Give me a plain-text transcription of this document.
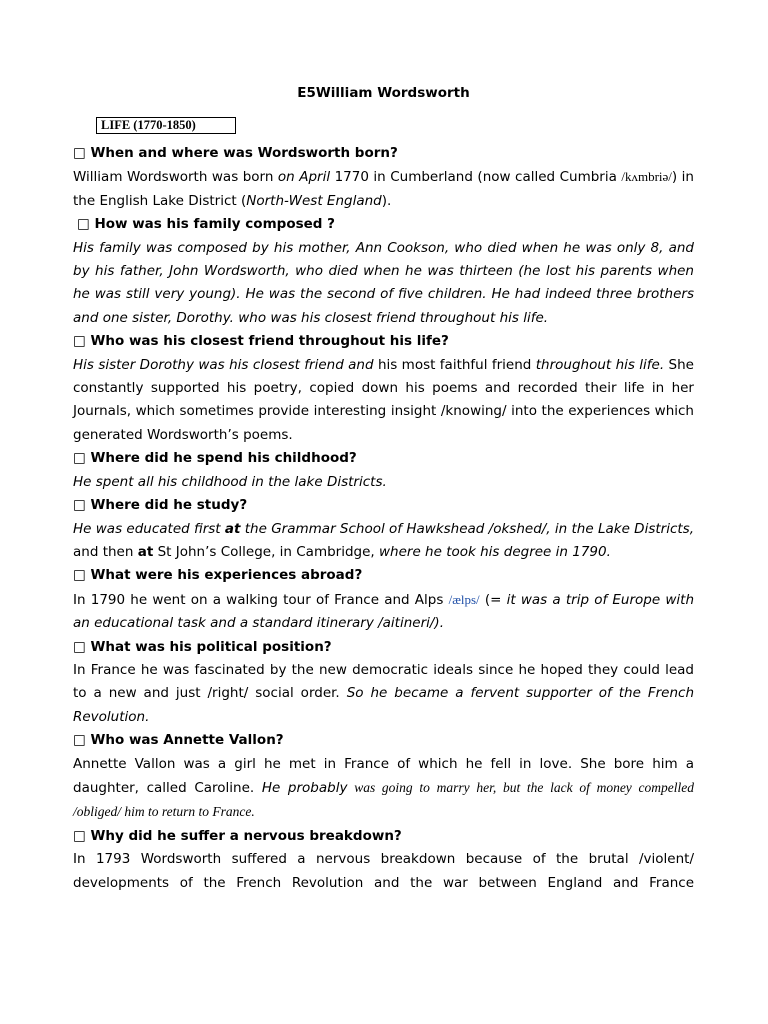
E5William Wordsworth

LIFE (1770-1850)

□ When and where was Wordsworth born?

William Wordsworth was born on April 1770 in Cumberland (now called Cumbria /kʌmbriə/) in the English Lake District (North-West England).

□ How was his family composed ?

His family was composed by his mother, Ann Cookson, who died when he was only 8, and by his father, John Wordsworth, who died when he was thirteen (he lost his parents when he was still very young). He was the second of five children. He had indeed three brothers and one sister, Dorothy. who was his closest friend throughout his life.

□ Who was his closest friend throughout his life?

His sister Dorothy was his closest friend and his most faithful friend throughout his life. She constantly supported his poetry, copied down his poems and recorded their life in her Journals, which sometimes provide interesting insight /knowing/ into the experiences which generated Wordsworth’s poems.

□ Where did he spend his childhood?

He spent all his childhood in the lake Districts.

□ Where did he study?

He was educated first at the Grammar School of Hawkshead /okshed/, in the Lake Districts, and then at St John’s College, in Cambridge, where he took his degree in 1790.

□ What were his experiences abroad?

In 1790 he went on a walking tour of France and Alps /ælps/ (= it was a trip of Europe with an educational task and a standard itinerary /aitineri/).

□ What was his political position?

In France he was fascinated by the new democratic ideals since he hoped they could lead to a new and just /right/ social order. So he became a fervent supporter of the French Revolution.

□ Who was Annette Vallon?

Annette Vallon was a girl he met in France of which he fell in love. She bore him a daughter, called Caroline. He probably was going to marry her, but the lack of money compelled /obliged/ him to return to France.

□ Why did he suffer a nervous breakdown?

In 1793 Wordsworth suffered a nervous breakdown because of the brutal /violent/ developments of the French Revolution and the war between England and France
